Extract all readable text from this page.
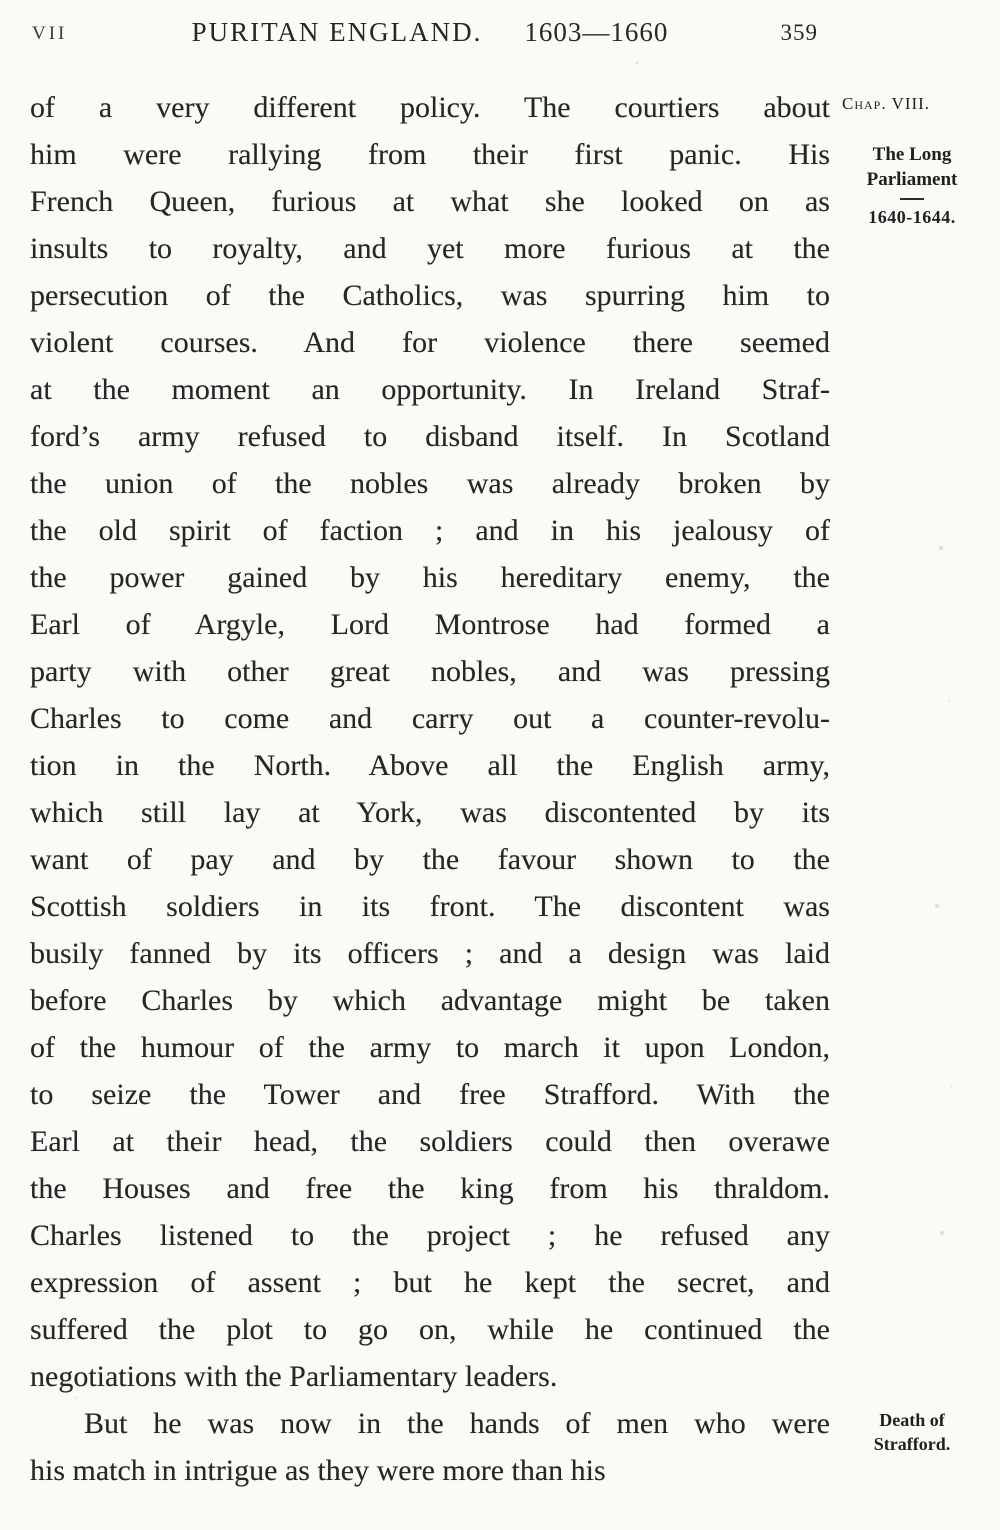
VII	PURITAN ENGLAND. 1603—1660	359
of a very different policy. The courtiers about
him were rallying from their first panic. His
French Queen, furious at what she looked on as
insults to royalty, and yet more furious at the
persecution of the Catholics, was spurring him to
violent courses. And for violence there seemed
at the moment an opportunity. In Ireland Straf-
ford’s army refused to disband itself. In Scotland
the union of the nobles was already broken by
the old spirit of faction ; and in his jealousy of
the power gained by his hereditary enemy, the
Earl of Argyle, Lord Montrose had formed a
party with other great nobles, and was pressing
Charles to come and carry out a counter-revolu-
tion in the North. Above all the English army,
which still lay at York, was discontented by its
want of pay and by the favour shown to the
Scottish soldiers in its front. The discontent was
busily fanned by its officers ; and a design was laid
before Charles by which advantage might be taken
of the humour of the army to march it upon London,
to seize the Tower and free Strafford. With the
Earl at their head, the soldiers could then overawe
the Houses and free the king from his thraldom.
Charles listened to the project ; he refused any
expression of assent ; but he kept the secret, and
suffered the plot to go on, while he continued the
negotiations with the Parliamentary leaders.
But he was now in the hands of men who were
his match in intrigue as they were more than his
Chap. VIII.
The Long
Parliament
1640-1644.
Death of
Strafford.
